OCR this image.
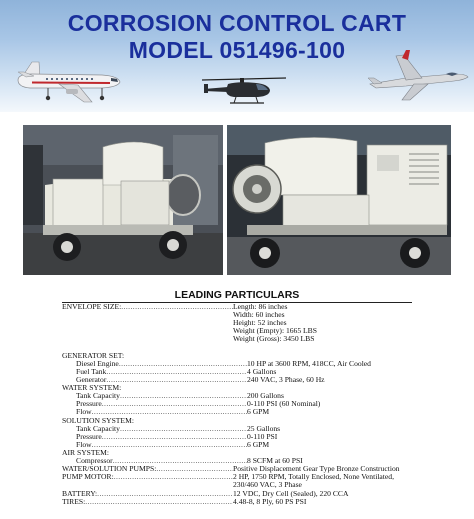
CORROSION CONTROL CART
MODEL 051496-100
LEADING PARTICULARS
ENVELOPE SIZE: .....	Length: 86 inches
Width: 60 inches
Height: 52 inches
Weight (Empty): 1665 LBS
Weight (Gross): 3450 LBS
GENERATOR SET:
Diesel Engine .....	10 HP at 3600 RPM, 418CC, Air Cooled
Fuel Tank .....	4 Gallons
Generator .....	240 VAC, 3 Phase, 60 Hz
WATER SYSTEM:
Tank Capacity .....	200 Gallons
Pressure .....	0-110 PSI (60 Nominal)
Flow .....	6 GPM
SOLUTION SYSTEM:
Tank Capacity .....	25 Gallons
Pressure .....	0-110 PSI
Flow .....	6 GPM
AIR SYSTEM:
Compressor .....	8 SCFM at 60 PSI
WATER/SOLUTION PUMPS: .....	Positive Displacement Gear Type Bronze Construction
PUMP MOTOR: .....	2 HP, 1750 RPM, Totally Enclosed, None Ventilated,
230/460 VAC, 3 Phase
BATTERY: .....	12 VDC, Dry Cell (Sealed), 220 CCA
TIRES: .....	4.48-8, 8 Ply, 60 PS PSI
